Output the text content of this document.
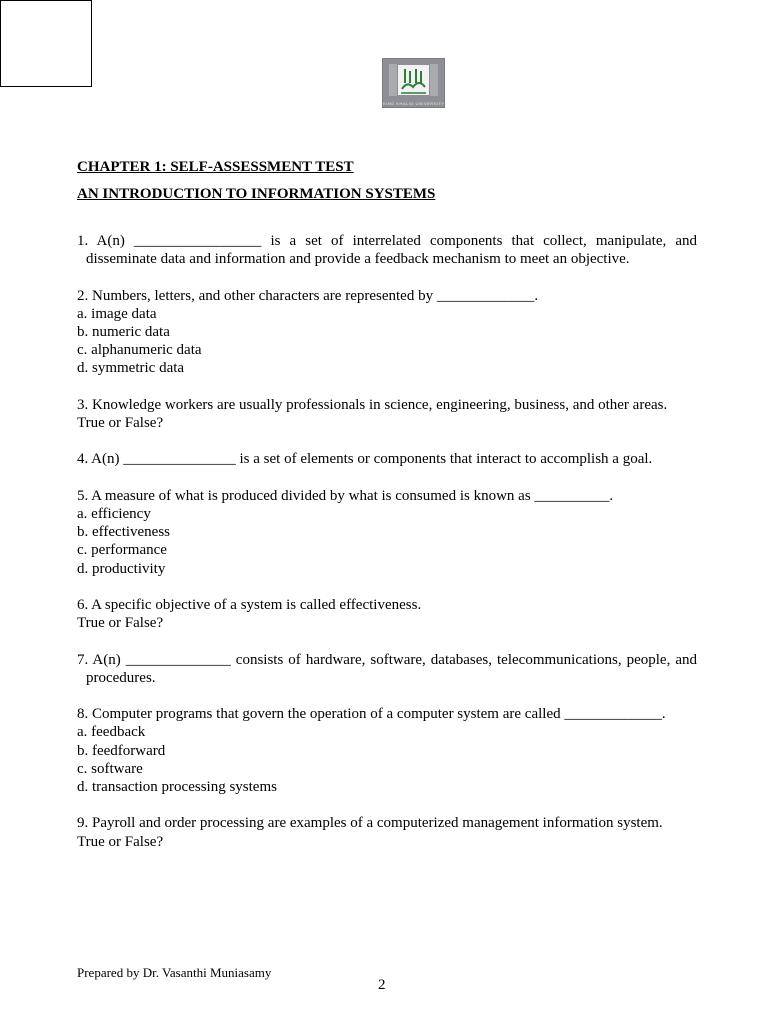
KING KHALID UNIVERSITY
CHAPTER 1: SELF-ASSESSMENT TEST
AN INTRODUCTION TO INFORMATION SYSTEMS
1. A(n) _________________ is a set of interrelated components that collect, manipulate, and disseminate data and information and provide a feedback mechanism to meet an objective.
2. Numbers, letters, and other characters are represented by _____________.
a. image data
b. numeric data
c. alphanumeric data
d. symmetric data
3. Knowledge workers are usually professionals in science, engineering, business, and other areas.
True or False?
4. A(n) _______________ is a set of elements or components that interact to accomplish a goal.
5. A measure of what is produced divided by what is consumed is known as __________.
a. efficiency
b. effectiveness
c. performance
d. productivity
6. A specific objective of a system is called effectiveness.
True or False?
7. A(n) ______________ consists of hardware, software, databases, telecommunications, people, and procedures.
8. Computer programs that govern the operation of a computer system are called _____________.
a. feedback
b. feedforward
c. software
d. transaction processing systems
9. Payroll and order processing are examples of a computerized management information system.
True or False?
Prepared by Dr. Vasanthi Muniasamy
2
